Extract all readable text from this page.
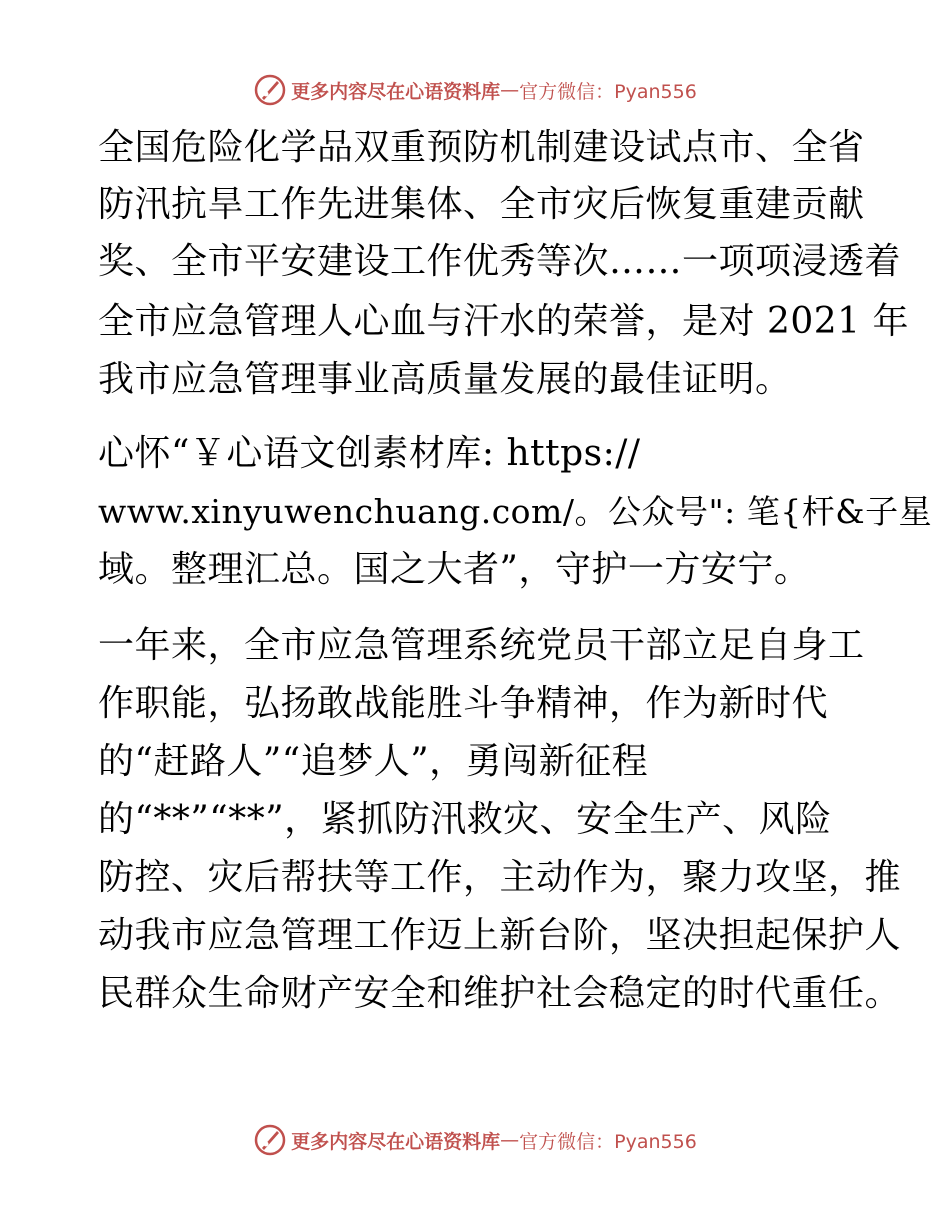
更多内容尽在心语资料库 — 官方微信：Pyan556
全国危险化学品双重预防机制建设试点市、全省
防汛抗旱工作先进集体、全市灾后恢复重建贡献
奖、全市平安建设工作优秀等次……一项项浸透着
全市应急管理人心血与汗水的荣誉，是对 2021 年
我市应急管理事业高质量发展的最佳证明。
心怀“￥心语文创素材库: https://
www.xinyuwenchuang.com/。公众号": 笔{杆&子星
域。整理汇总。国之大者”，守护一方安宁。
一年来，全市应急管理系统党员干部立足自身工
作职能，弘扬敢战能胜斗争精神，作为新时代
的“赶路人”“追梦人”，勇闯新征程
的“**”“**”，紧抓防汛救灾、安全生产、风险
防控、灾后帮扶等工作，主动作为，聚力攻坚，推
动我市应急管理工作迈上新台阶，坚决担起保护人
民群众生命财产安全和维护社会稳定的时代重任。
更多内容尽在心语资料库 — 官方微信：Pyan556
